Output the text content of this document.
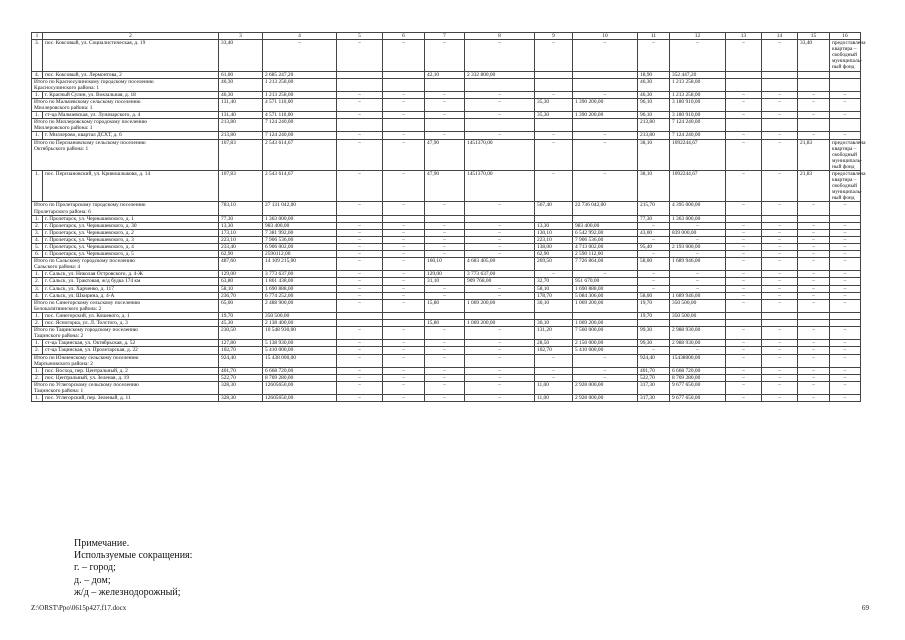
1	2	3	4	5	6	7	8	9	10	11	12	13	14	15	16
3.	пос. Коксовый, ул. Социалистическая, д. 19	33,40	–	–	–	–	–	–	–	–	–	–	–	33,40	предоставлена
квартира –
свободный
муниципаль-
ный фонд
4.	пос. Коксовый, ул. Лермонтова, 2	61,00	2 685 247,20			42,10	2 332 800,00			18,90	352 447,20				
Итого по Красносулинскому городскому поселению
Красносулинского района: 1		46,30	1 213 258,00							46,30	1 213 258,00				
1.	г. Красный Сулин, ул. Вокзальная, д. 18	46,30	1 213 258,00	–	–	–	–	–	–	46,30	1 213 258,00	–	–	–	–
Итого по Мальчевскому сельскому поселению
Миллеровского района: 1		131,40	4 571 110,00	–	–	–	–	35,30	1 390 200,00	96,10	3 180 910,00	–	–	–	–
1.	ст-ца Мальчевская, ул. Луначарского, д. 4	131,40	4 571 110,00	–	–	–	–	35,30	1 390 200,00	96,10	3 180 910,00	–	–	–	–
Итого по Миллеровскому городскому поселению
Миллеровского района: 1		213,80	7 124 240,00							213,80	7 124 240,00				
1.	г. Миллерово, квартал ДСХТ, д. 6	213,80	7 124 240,00	–	–	–	–	–	–	213,80	7 124 240,00	–	–	–	–
Итого по Персиановскому сельскому поселению
Октябрьского района: 1		107,83	2 543 614,67	–	–	47,90	1451370,00	–	–	38,10	1092244,67	–	–	21,83	предоставлена
квартира –
свободный
муниципаль-
ный фонд
1.	пос. Персиановский, ул. Кривошлыкова, д. 14	107,83	2 543 614,67	–	–	47,90	1451370,00	–	–	38,10	1092244,67	–	–	21,83	предоставлена
квартира –
свободный
муниципаль-
ный фонд
Итого по Пролетарскому городскому поселению
Пролетарского района: 6		783,10	27 131 042,00	–	–	–	–	567,40	22 736 042,00	215,70	4 395 000,00	–	–	–	–
1.	г. Пролетарск, ул. Чернышевского, д. 1	77,30	1 363 000,00							77,30	1 363 000,00				
2.	г. Пролетарск, ул. Чернышевского, д. 30	13,30	983 400,00	–	–	–	–	13,30	983 400,00	–	–	–	–	–	–
3.	г. Пролетарск, ул. Чернышевского, д. 2	173,10	7 381 992,00	–	–	–	–	130,10	6 542 992,00	43,00	839 000,00	–	–	–	–
4.	г. Пролетарск, ул. Чернышевского, д. 3	223,10	7 906 536,00	–	–	–	–	223,10	7 906 536,00	–	–	–	–	–	–
5.	г. Пролетарск, ул. Чернышевского, д. 4	233,40	6 906 002,00	–	–	–	–	138,00	4 713 002,00	95,40	2 193 000,00	–	–	–	–
6.	г. Пролетарск, ул. Чернышевского, д. 5	62,90	2590112,00	–	–	–	–	62,90	2 590 112,00	–	–	–	–	–	–
Итого по Сальскому городскому поселению
Сальского района: 4		487,60	14 109 215,00	–	–	160,10	4 683 405,00	269,50	7 726 864,00	58,00	1 689 946,00	–	–	–	–
1.	г. Сальск, ул. Николая Островского, д. 4-Ж	129,00	3 773 637,00	–	–	129,00	3 773 637,00	–	–	–	–	–	–	–	–
2.	г. Сальск, ул. Трактовая, ж/д будка 174 км	63,80	1 861 438,00	–	–	31,10	909 768,00	32,70	951 670,00	–	–	–	–	–	–
3.	г. Сальск, ул. Харченко, д. 117	58,10	1 690 888,00	–	–	–	–	58,10	1 690 888,00	–	–	–	–	–	–
4.	г. Сальск, ул. Шкирина, д. 4-А	236,70	6 774 252,00	–	–	–	–	178,70	5 084 306,00	58,00	1 689 946,00	–	–	–	–
Итого по Синегорскому сельскому поселению
Белокалитвинского района: 2		65,00	2 488 900,00	–	–	15,80	1 069 200,00	30,10	1 069 200,00	19,70	350 500,00	–	–	–	–
1.	пос. Синегорский, ул. Кошевого, д. 1	19,70	350 500,00							19,70	350 500,00				
2.	пос. Ясногорка, ул. Л. Толстого, д. 3	45,30	2 138 400,00			15,80	1 069 200,00	30,10	1 069 200,00						
Итого по Тацинскому городскому поселению
Тацинского района: 2		230,50	10 548 930,00	–	–	–	–	131,20	7 560 000,00	99,30	2 988 930,00	–	–	–	–
1.	ст-ца Тацинская, ул. Октябрьская, д. 52	127,80	5 138 930,00	–	–	–	–	28,50	2 150 000,00	99,30	2 988 930,00	–	–	–	–
2.	ст-ца Тацинская, ул. Пролетарская, д. 22	102,70	5 410 000,00	–	–	–	–	102,70	5 410 000,00	–	–	–	–	–	–
Итого по Южненскому сельскому поселению
Мартыновского района: 2		924,40	15 438 000,00	–	–	–	–	–	–	924,40	15438000,00	–	–	–	–
1.	пос. Восход, пер. Центральный, д. 2	401,70	6 668 720,00	–	–	–	–	–	–	401,70	6 668 720,00	–	–	–	–
2.	пос. Центральный, ул. Зеленая, д. 19	522,70	8 769 280,00	–	–	–	–	–	–	522,70	8 769 280,00	–	–	–	–
Итого по Углегорскому сельскому поселению
Тацинского района: 1		328,30	12605650,00	–	–	–	–	11,00	2 928 000,00	317,30	9 677 650,00	–	–	–	–
1.	пос. Углегорский, пер. Зеленый, д. 11	328,30	12605650,00	–	–	–	–	11,00	2 928 000,00	317,30	9 677 650,00	–	–	–	–
Примечание.
Используемые сокращения:
г. – город;
д. – дом;
ж/д – железнодорожный;
Z:\ORST\Ppo\0615p427.f17.docx	69
